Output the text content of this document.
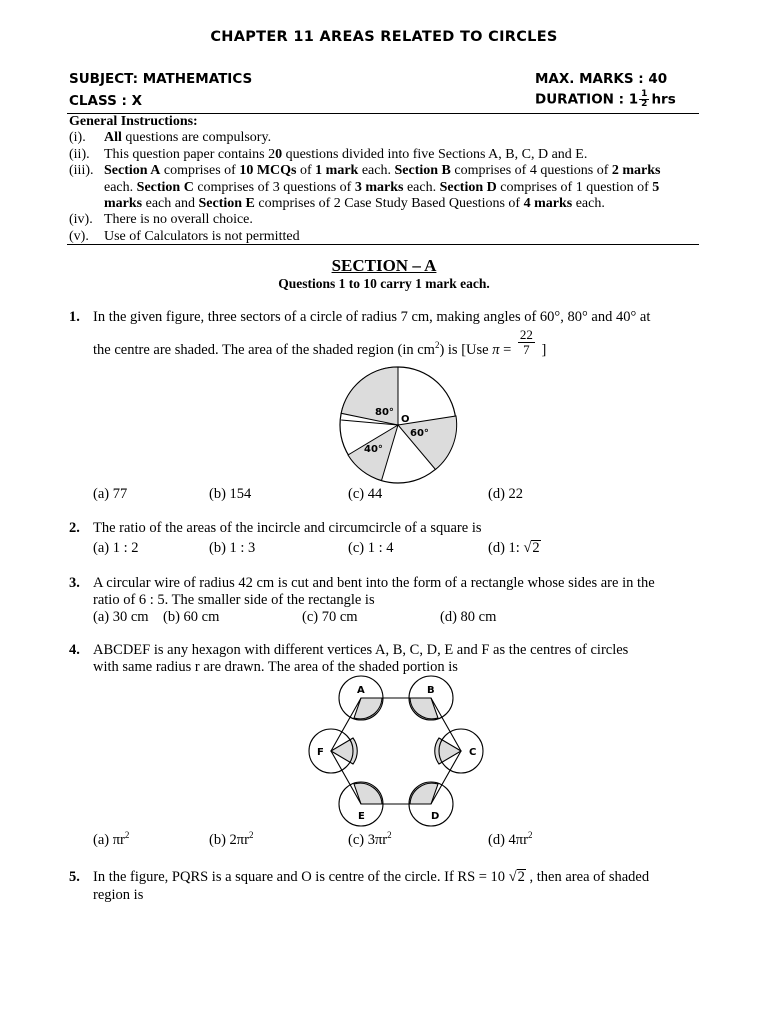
CHAPTER 11 AREAS RELATED TO CIRCLES
SUBJECT: MATHEMATICS
CLASS : X
MAX. MARKS : 40
DURATION : $1 \frac{1}{2}$ hrs
General Instructions:
(i). All questions are compulsory.
(ii). This question paper contains 20 questions divided into five Sections A, B, C, D and E.
(iii). Section A comprises of 10 MCQs of 1 mark each. Section B comprises of 4 questions of 2 marks
each. Section C comprises of 3 questions of 3 marks each. Section D comprises of 1 question of 5
marks each and Section E comprises of 2 Case Study Based Questions of 4 marks each.
(iv). There is no overall choice.
(v). Use of Calculators is not permitted
SECTION – A
Questions 1 to 10 carry 1 mark each.
1. In the given figure, three sectors of a circle of radius 7 cm, making angles of 60°, 80° and 40° at
the centre are shaded. The area of the shaded region (in $cm^2$) is [Use $\pi = \frac{22}{7}$ ]
80°
O
60°
40°
(a) 77	(b) 154	(c) 44	(d) 22
2. The ratio of the areas of the incircle and circumcircle of a square is
(a) 1 : 2	(b) 1 : 3	(c) 1 : 4	(d) 1: √2
3. A circular wire of radius 42 cm is cut and bent into the form of a rectangle whose sides are in the
ratio of 6 : 5. The smaller side of the rectangle is
(a) 30 cm (b) 60 cm	(c) 70 cm	(d) 80 cm
4. ABCDEF is any hexagon with different vertices A, B, C, D, E and F as the centres of circles
with same radius r are drawn. The area of the shaded portion is
A	B
C
D
E
F
(a) $\pi r^2$	(b) $2\pi r^2$	(c) $3\pi r^2$	(d) $4\pi r^2$
5. In the figure, PQRS is a square and O is centre of the circle. If RS = 10 √2 , then area of shaded
region is
